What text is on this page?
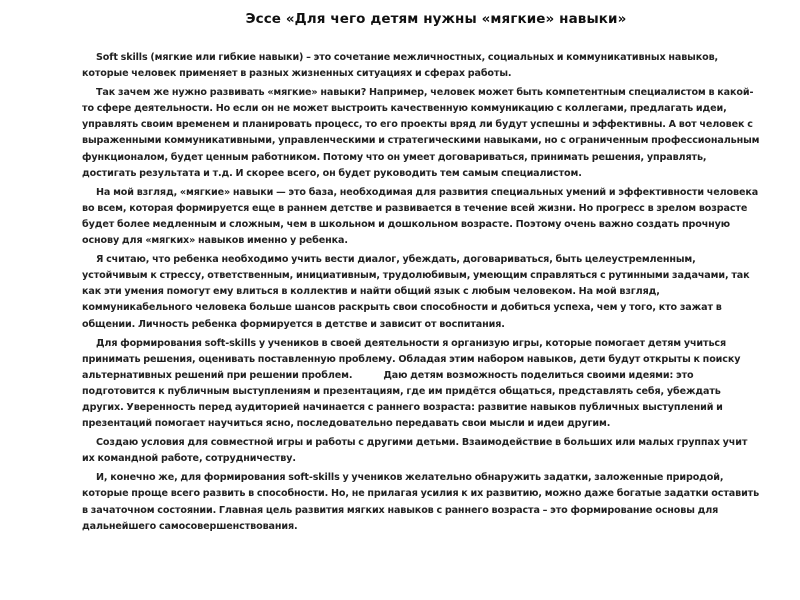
Эссе «Для чего детям нужны «мягкие» навыки»

Soft skills (мягкие или гибкие навыки) – это сочетание межличностных, социальных и коммуникативных навыков, которые человек применяет в разных жизненных ситуациях и сферах работы.

Так зачем же нужно развивать «мягкие» навыки? Например, человек может быть компетентным специалистом в какой-то сфере деятельности. Но если он не может выстроить качественную коммуникацию с коллегами, предлагать идеи, управлять своим временем и планировать процесс, то его проекты вряд ли будут успешны и эффективны. А вот человек с выраженными коммуникативными, управленческими и стратегическими навыками, но с ограниченным профессиональным функционалом, будет ценным работником. Потому что он умеет договариваться, принимать решения, управлять, достигать результата и т.д. И скорее всего, он будет руководить тем самым специалистом.

На мой взгляд, «мягкие» навыки — это база, необходимая для развития специальных умений и эффективности человека во всем, которая формируется еще в раннем детстве и развивается в течение всей жизни. Но прогресс в зрелом возрасте будет более медленным и сложным, чем в школьном и дошкольном возрасте. Поэтому очень важно создать прочную основу для «мягких» навыков именно у ребенка.

Я считаю, что ребенка необходимо учить вести диалог, убеждать, договариваться, быть целеустремленным, устойчивым к стрессу, ответственным, инициативным, трудолюбивым, умеющим справляться с рутинными задачами, так как эти умения помогут ему влиться в коллектив и найти общий язык с любым человеком. На мой взгляд, коммуникабельного человека больше шансов раскрыть свои способности и добиться успеха, чем у того, кто зажат в общении. Личность ребенка формируется в детстве и зависит от воспитания.

Для формирования soft-skills у учеников в своей деятельности я организую игры, которые помогает детям учиться принимать решения, оценивать поставленную проблему. Обладая этим набором навыков, дети будут открыты к поиску альтернативных решений при решении проблем.           Даю детям возможность поделиться своими идеями: это подготовится к публичным выступлениям и презентациям, где им придётся общаться, представлять себя, убеждать других. Уверенность перед аудиторией начинается с раннего возраста: развитие навыков публичных выступлений и презентаций помогает научиться ясно, последовательно передавать свои мысли и идеи другим.

Создаю условия для совместной игры и работы с другими детьми. Взаимодействие в больших или малых группах учит их командной работе, сотрудничеству.

И, конечно же, для формирования soft-skills у учеников желательно обнаружить задатки, заложенные природой, которые проще всего развить в способности. Но, не прилагая усилия к их развитию, можно даже богатые задатки оставить в зачаточном состоянии. Главная цель развития мягких навыков с раннего возраста – это формирование основы для дальнейшего самосовершенствования.
